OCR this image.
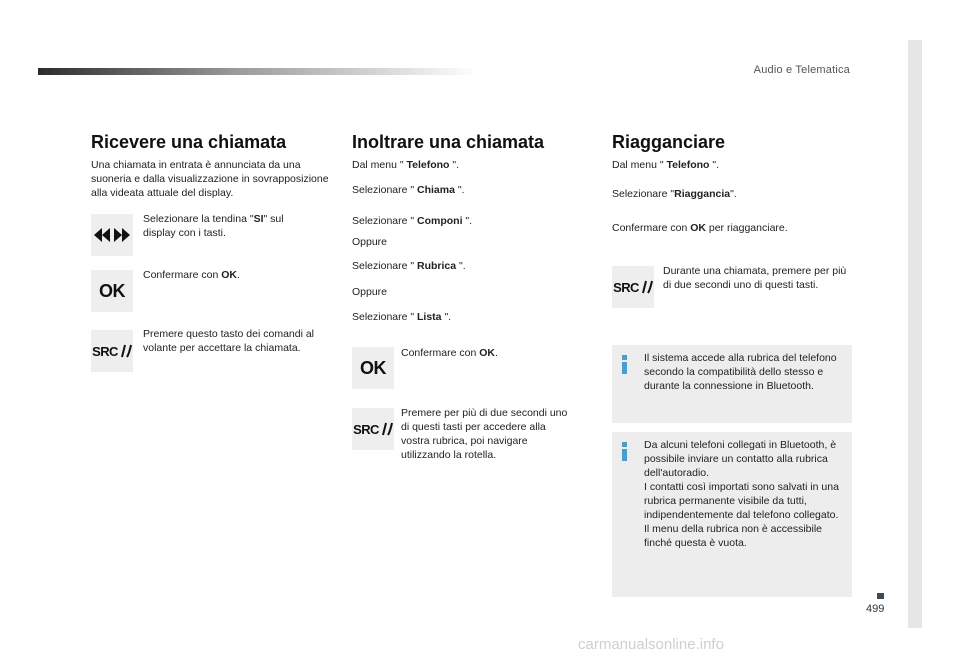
Audio e Telematica
499
Ricevere una chiamata
Una chiamata in entrata è annunciata da una suoneria e dalla visualizzazione in sovrapposizione alla videata attuale del display.
Selezionare la tendina "SI" sul display con i tasti.
OK
Confermare con OK.
SRC
Premere questo tasto dei comandi al volante per accettare la chiamata.
Inoltrare una chiamata
Dal menu " Telefono ".
Selezionare " Chiama ".
Selezionare " Componi ".
Oppure
Selezionare " Rubrica ".
Oppure
Selezionare " Lista ".
OK
Confermare con OK.
SRC
Premere per più di due secondi uno di questi tasti per accedere alla vostra rubrica, poi navigare utilizzando la rotella.
Riagganciare
Dal menu " Telefono ".
Selezionare "Riaggancia".
Confermare con OK per riagganciare.
SRC
Durante una chiamata, premere per più di due secondi uno di questi tasti.
Il sistema accede alla rubrica del telefono secondo la compatibilità dello stesso e durante la connessione in Bluetooth.
Da alcuni telefoni collegati in Bluetooth, è possibile inviare un contatto alla rubrica dell'autoradio.
I contatti così importati sono salvati in una rubrica permanente visibile da tutti, indipendentemente dal telefono collegato.
Il menu della rubrica non è accessibile finché questa è vuota.
carmanualsonline.info
